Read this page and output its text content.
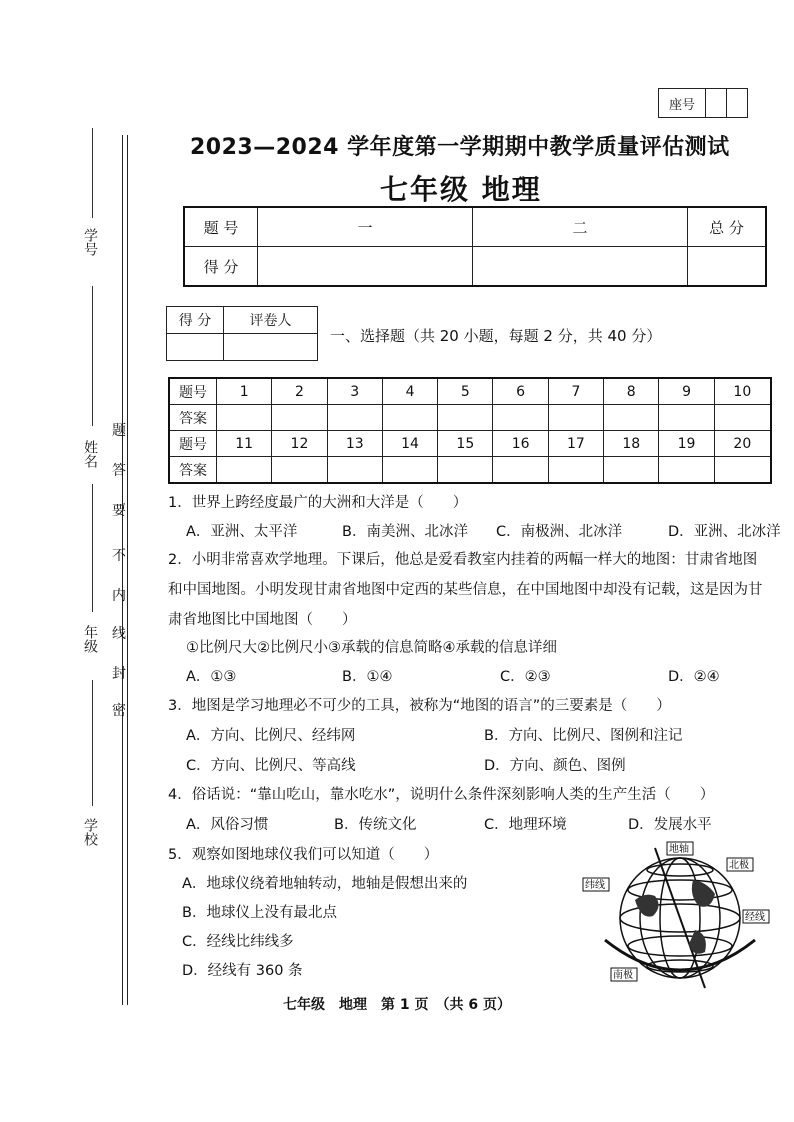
座号		
学号
姓名
年级
学校
题
答
要
不
内
线
封
密
2023—2024 学年度第一学期期中教学质量评估测试
七年级 地理
题 号	一	二	总 分
得 分			
得 分	评卷人

一、选择题（共 20 小题，每题 2 分，共 40 分）
题号	1	2	3	4	5	6	7	8	9	10
答案										
题号	11	12	13	14	15	16	17	18	19	20
答案										
1．世界上跨经度最广的大洲和大洋是（　　）
A．亚洲、太平洋	B．南美洲、北冰洋 C．南极洲、北冰洋	D．亚洲、北冰洋
2．小明非常喜欢学地理。下课后，他总是爱看教室内挂着的两幅一样大的地图：甘肃省地图
和中国地图。小明发现甘肃省地图中定西的某些信息，在中国地图中却没有记载，这是因为甘
肃省地图比中国地图（　　）
①比例尺大②比例尺小③承载的信息简略④承载的信息详细
A．①③	B．①④	C．②③	D．②④
3．地图是学习地理必不可少的工具，被称为“地图的语言”的三要素是（　　）
A．方向、比例尺、经纬网	B．方向、比例尺、图例和注记
C．方向、比例尺、等高线	D．方向、颜色、图例
4．俗话说：“靠山吃山，靠水吃水”，说明什么条件深刻影响人类的生产生活（　　）
A．风俗习惯	B．传统文化	C．地理环境	D．发展水平
5．观察如图地球仪我们可以知道（　　）
A．地球仪绕着地轴转动，地轴是假想出来的
B．地球仪上没有最北点
C．经线比纬线多
D．经线有 360 条
地轴
北极
纬线
经线
南极
七年级　地理　第 1 页　（共 6 页）
